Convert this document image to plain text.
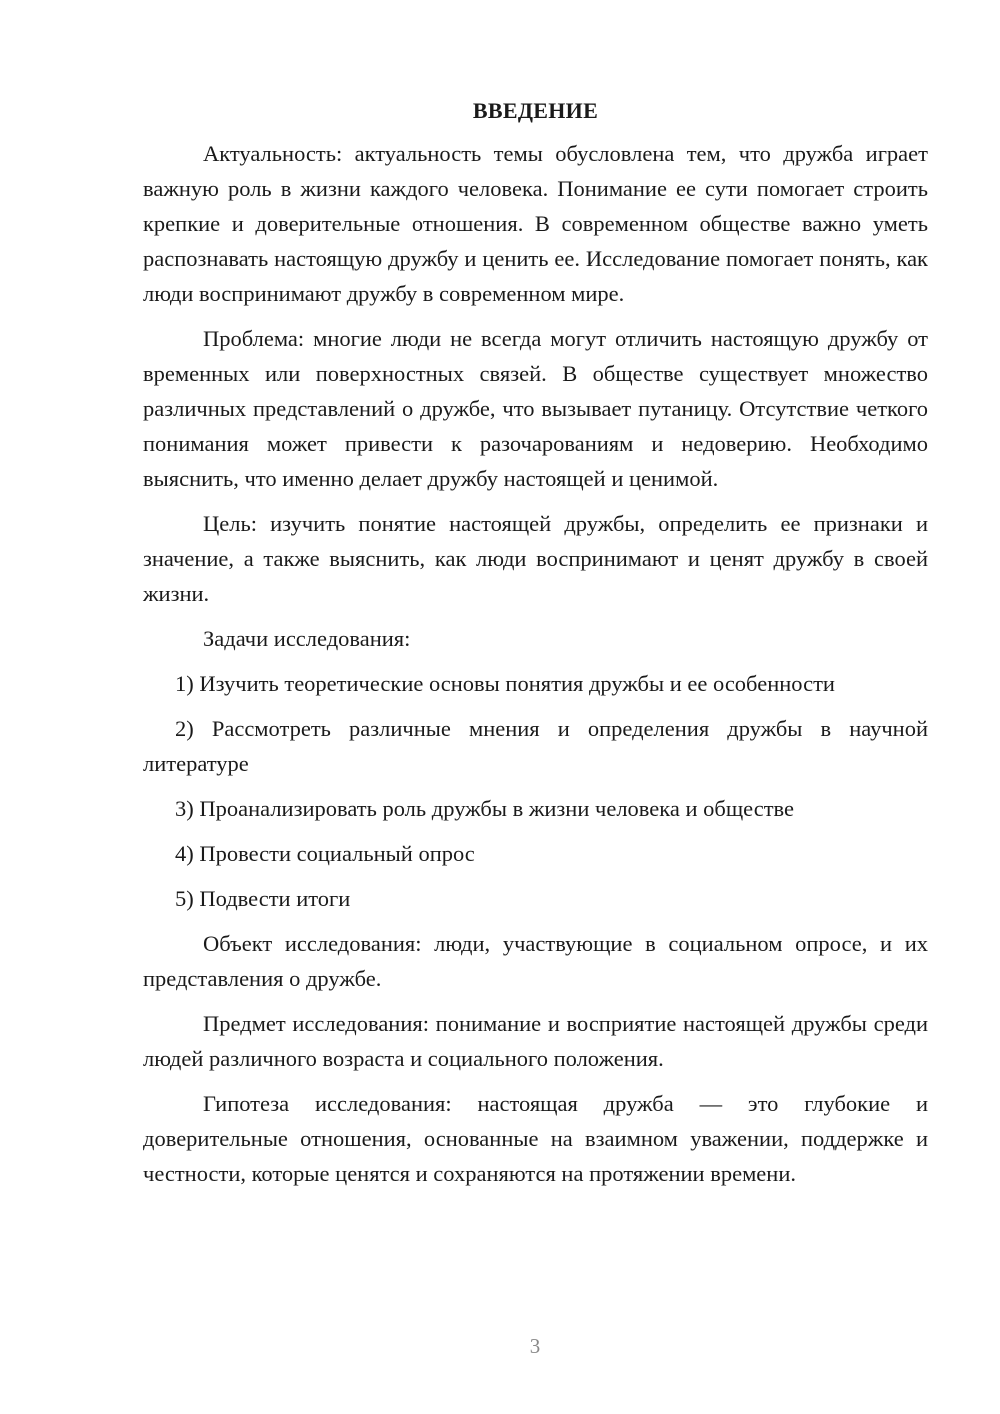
ВВЕДЕНИЕ

Актуальность: актуальность темы обусловлена тем, что дружба играет важную роль в жизни каждого человека. Понимание ее сути помогает строить крепкие и доверительные отношения. В современном обществе важно уметь распознавать настоящую дружбу и ценить ее. Исследование помогает понять, как люди воспринимают дружбу в современном мире.

Проблема: многие люди не всегда могут отличить настоящую дружбу от временных или поверхностных связей. В обществе существует множество различных представлений о дружбе, что вызывает путаницу. Отсутствие четкого понимания может привести к разочарованиям и недоверию. Необходимо выяснить, что именно делает дружбу настоящей и ценимой.

Цель: изучить понятие настоящей дружбы, определить ее признаки и значение, а также выяснить, как люди воспринимают и ценят дружбу в своей жизни.

Задачи исследования:

1) Изучить теоретические основы понятия дружбы и ее особенности

2) Рассмотреть различные мнения и определения дружбы в научной литературе

3) Проанализировать роль дружбы в жизни человека и обществе

4) Провести социальный опрос

5) Подвести итоги

Объект исследования: люди, участвующие в социальном опросе, и их представления о дружбе.

Предмет исследования: понимание и восприятие настоящей дружбы среди людей различного возраста и социального положения.

Гипотеза исследования: настоящая дружба — это глубокие и доверительные отношения, основанные на взаимном уважении, поддержке и честности, которые ценятся и сохраняются на протяжении времени.

3
